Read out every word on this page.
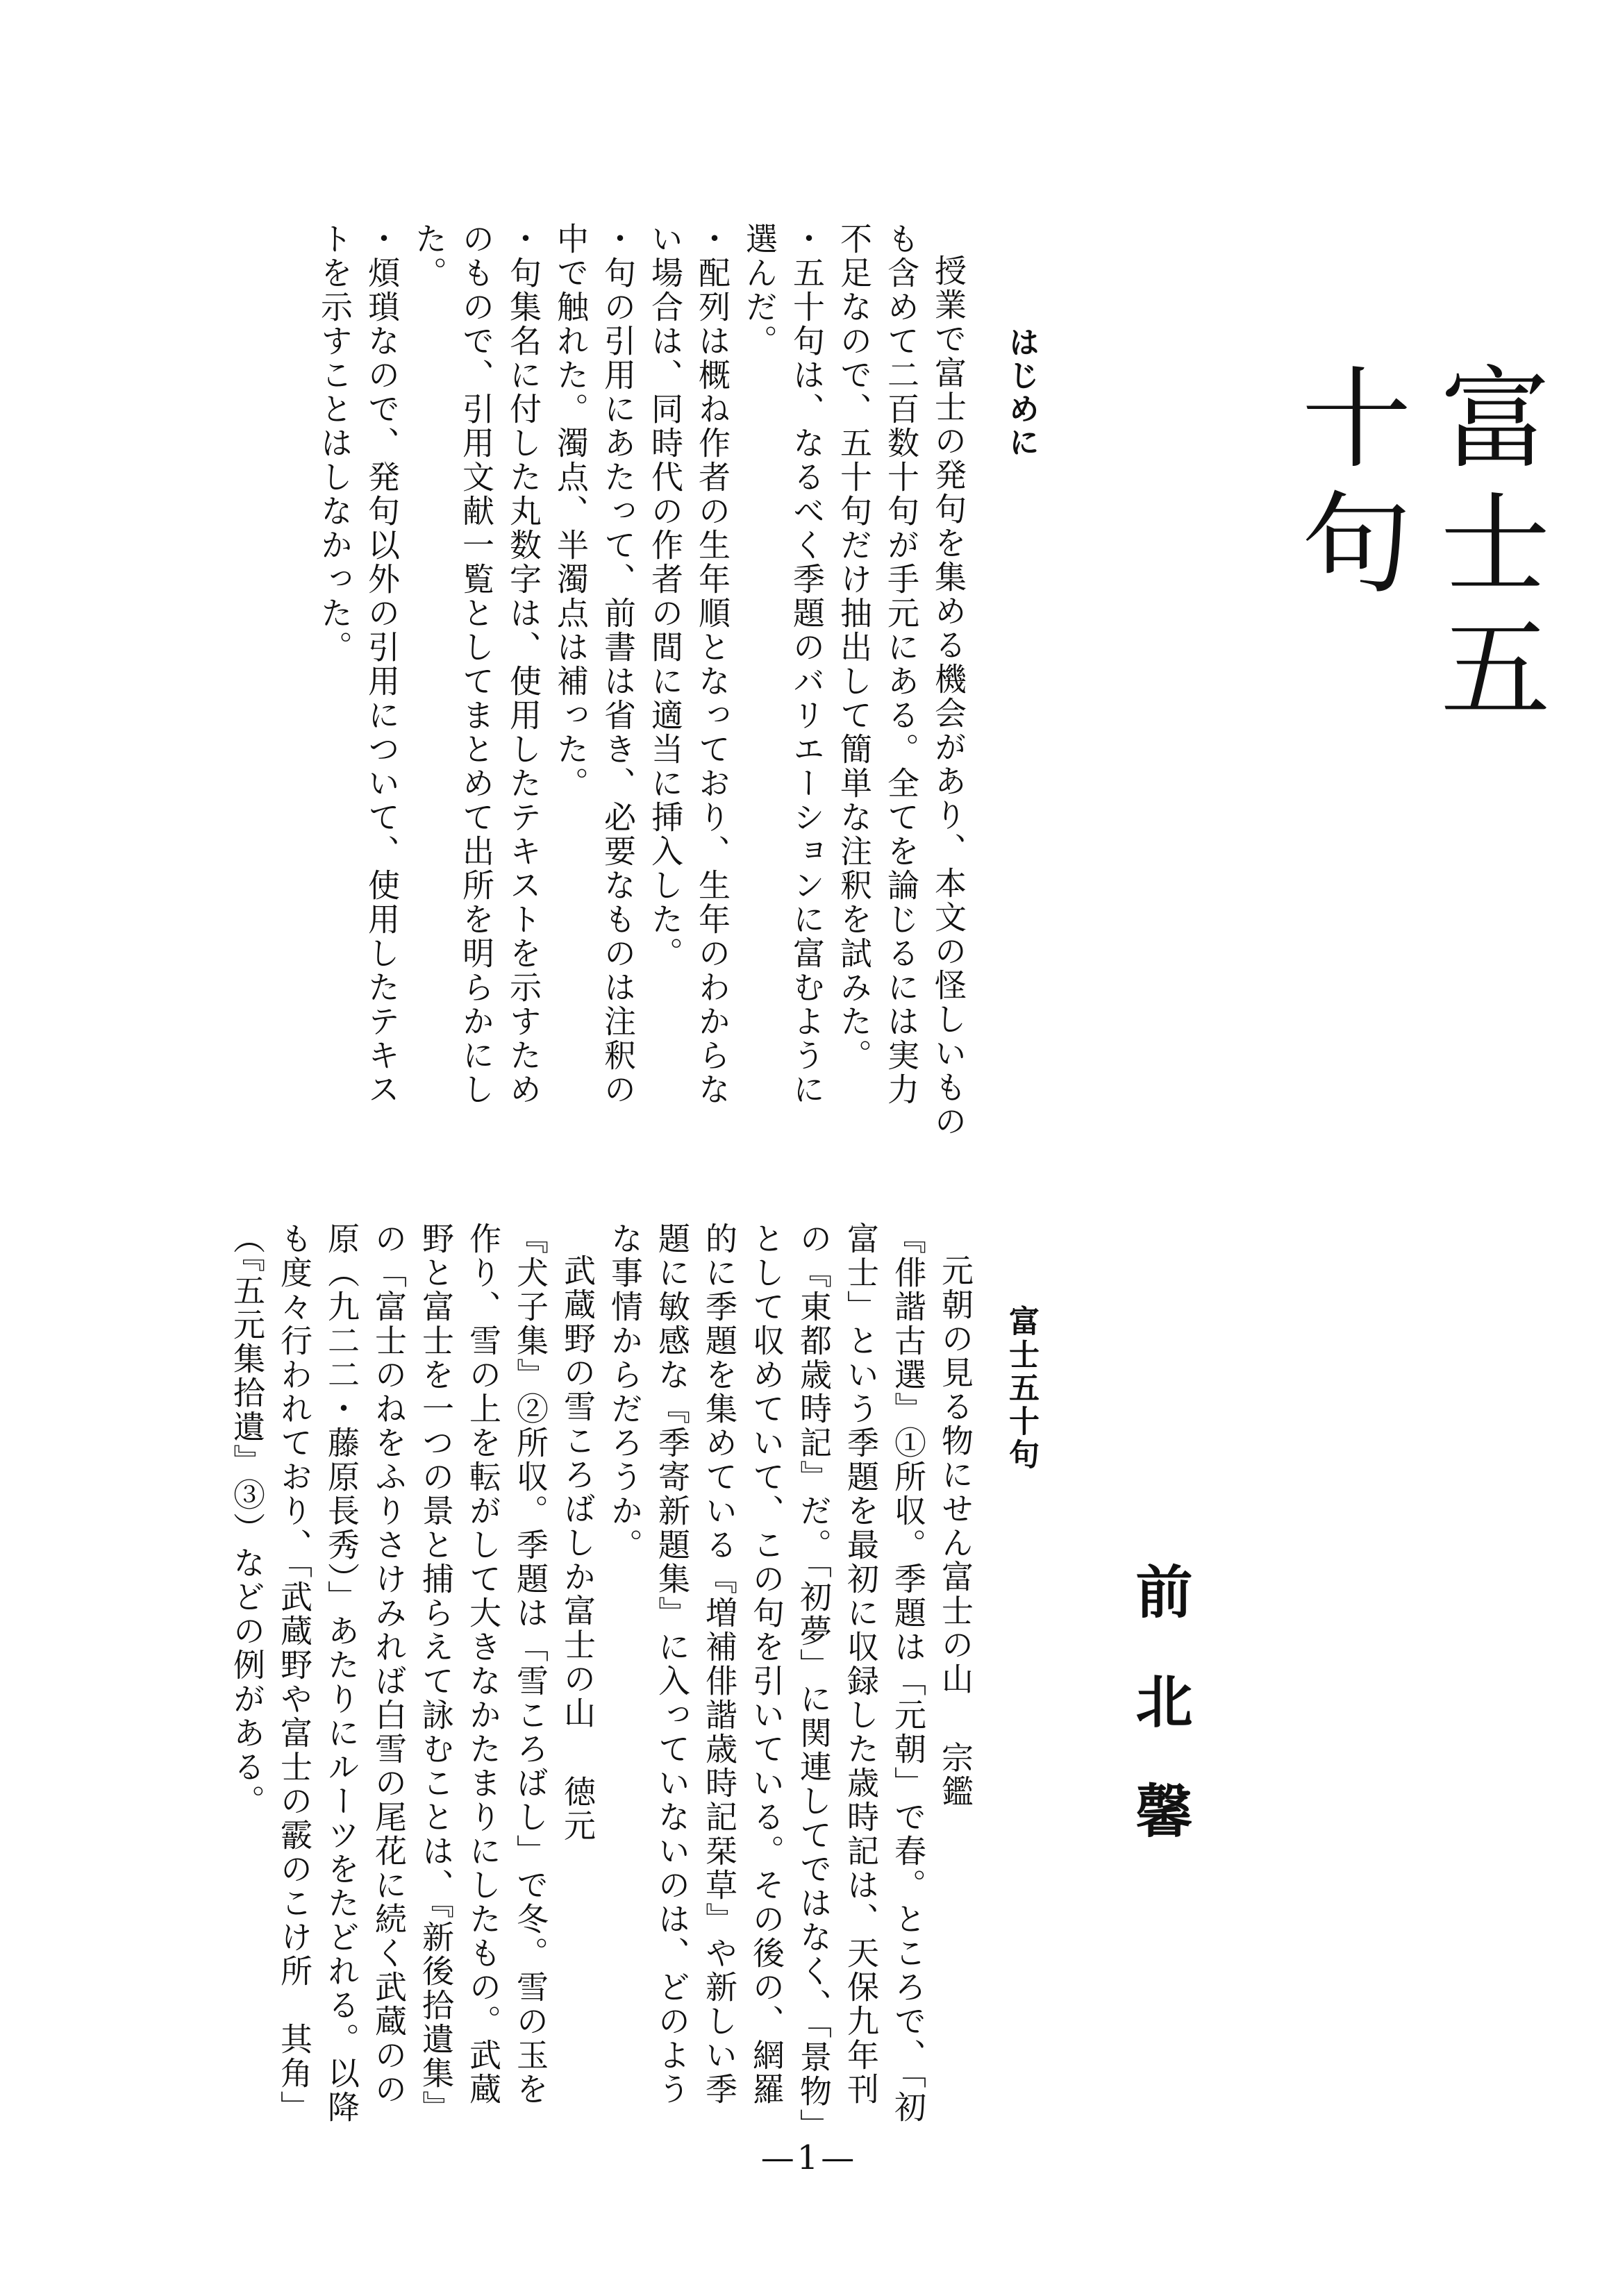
富士五十句
前北馨
はじめに

授業で富士の発句を集める機会があり、本文の怪しいものも含めて二百数十句が手元にある。全てを論じるには実力不足なので、五十句だけ抽出して簡単な注釈を試みた。

・五十句は、なるべく季題のバリエーションに富むように選んだ。

・配列は概ね作者の生年順となっており、生年のわからない場合は、同時代の作者の間に適当に挿入した。

・句の引用にあたって、前書は省き、必要なものは注釈の中で触れた。濁点、半濁点は補った。

・句集名に付した丸数字は、使用したテキストを示すためのもので、引用文献一覧としてまとめて出所を明らかにした。

・煩瑣なので、発句以外の引用について、使用したテキストを示すことはしなかった。

富士五十句

元朝の見る物にせん富士の山宗鑑

『俳諧古選』①所収。季題は「元朝」で春。ところで、「初富士」という季題を最初に収録した歳時記は、天保九年刊の『東都歳時記』だ。「初夢」に関連してではなく、「景物」として収めていて、この句を引いている。その後の、網羅的に季題を集めている『増補俳諧歳時記栞草』や新しい季題に敏感な『季寄新題集』に入っていないのは、どのような事情からだろうか。

武蔵野の雪ころばしか富士の山徳元

『犬子集』②所収。季題は「雪ころばし」で冬。雪の玉を作り、雪の上を転がして大きなかたまりにしたもの。武蔵野と富士を一つの景と捕らえて詠むことは、『新後拾遺集』の「富士のねをふりさけみれば白雪の尾花に続く武蔵のの原（九二二・藤原長秀）」あたりにルーツをたどれる。以降も度々行われており、「武蔵野や富士の霰のこけ所　其角」（『五元集拾遺』③）などの例がある。

—1—
